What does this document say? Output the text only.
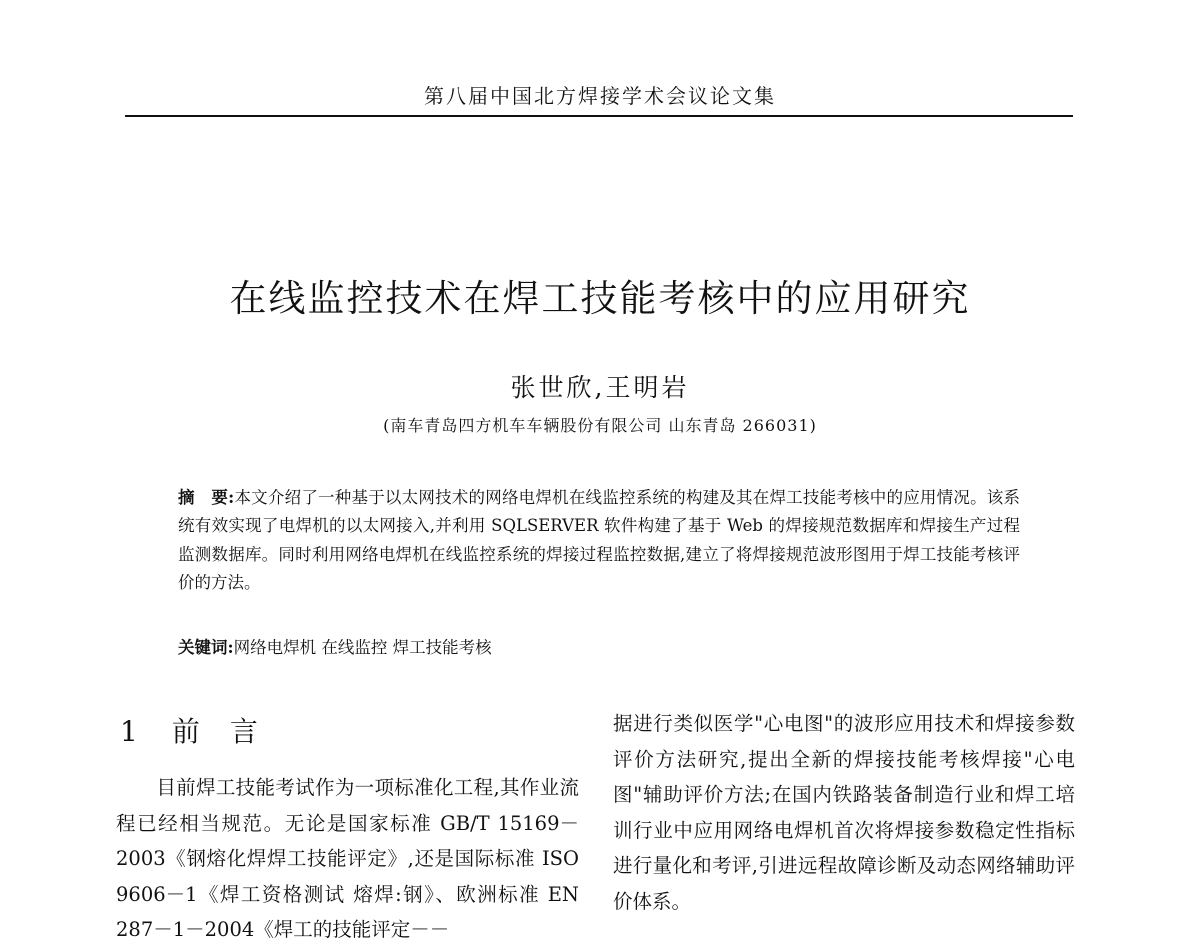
第八届中国北方焊接学术会议论文集
在线监控技术在焊工技能考核中的应用研究
张世欣,王明岩
(南车青岛四方机车车辆股份有限公司 山东青岛 266031)
摘　要:本文介绍了一种基于以太网技术的网络电焊机在线监控系统的构建及其在焊工技能考核中的应用情况。该系统有效实现了电焊机的以太网接入,并利用 SQLSERVER 软件构建了基于 Web 的焊接规范数据库和焊接生产过程监测数据库。同时利用网络电焊机在线监控系统的焊接过程监控数据,建立了将焊接规范波形图用于焊工技能考核评价的方法。
关键词:网络电焊机 在线监控 焊工技能考核
1 前 言
目前焊工技能考试作为一项标准化工程,其作业流程已经相当规范。无论是国家标准 GB/T 15169－2003《钢熔化焊焊工技能评定》,还是国际标准 ISO 9606－1《焊工资格测试 熔焊:钢》、欧洲标准 EN 287－1－2004《焊工的技能评定－－
据进行类似医学"心电图"的波形应用技术和焊接参数评价方法研究,提出全新的焊接技能考核焊接"心电图"辅助评价方法;在国内铁路装备制造行业和焊工培训行业中应用网络电焊机首次将焊接参数稳定性指标进行量化和考评,引进远程故障诊断及动态网络辅助评价体系。
